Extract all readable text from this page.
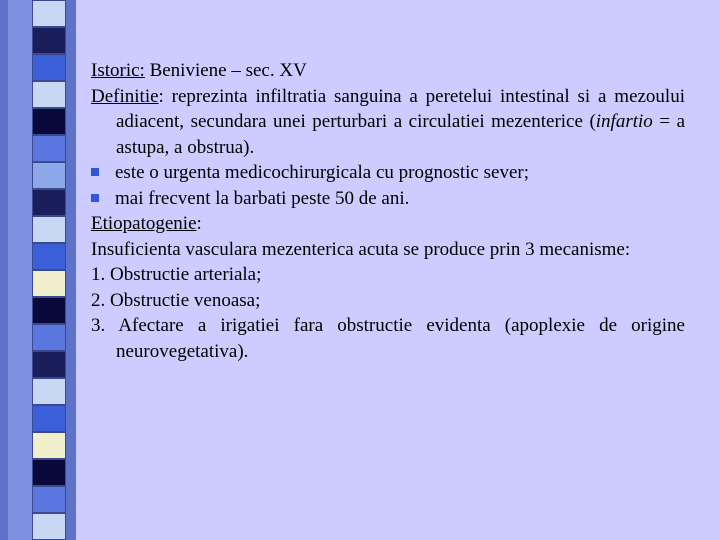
Istoric: Beniviene – sec. XV

Definitie: reprezinta infiltratia sanguina a peretelui intestinal si a mezoului adiacent, secundara unei perturbari a circulatiei mezenterice (infartio = a astupa, a obstrua).

este o urgenta medicochirurgicala cu prognostic sever;

mai frecvent la barbati peste 50 de ani.

Etiopatogenie:

Insuficienta vasculara mezenterica acuta se produce prin 3 mecanisme:

1. Obstructie arteriala;

2. Obstructie venoasa;

3. Afectare a irigatiei fara obstructie evidenta (apoplexie de origine neurovegetativa).
